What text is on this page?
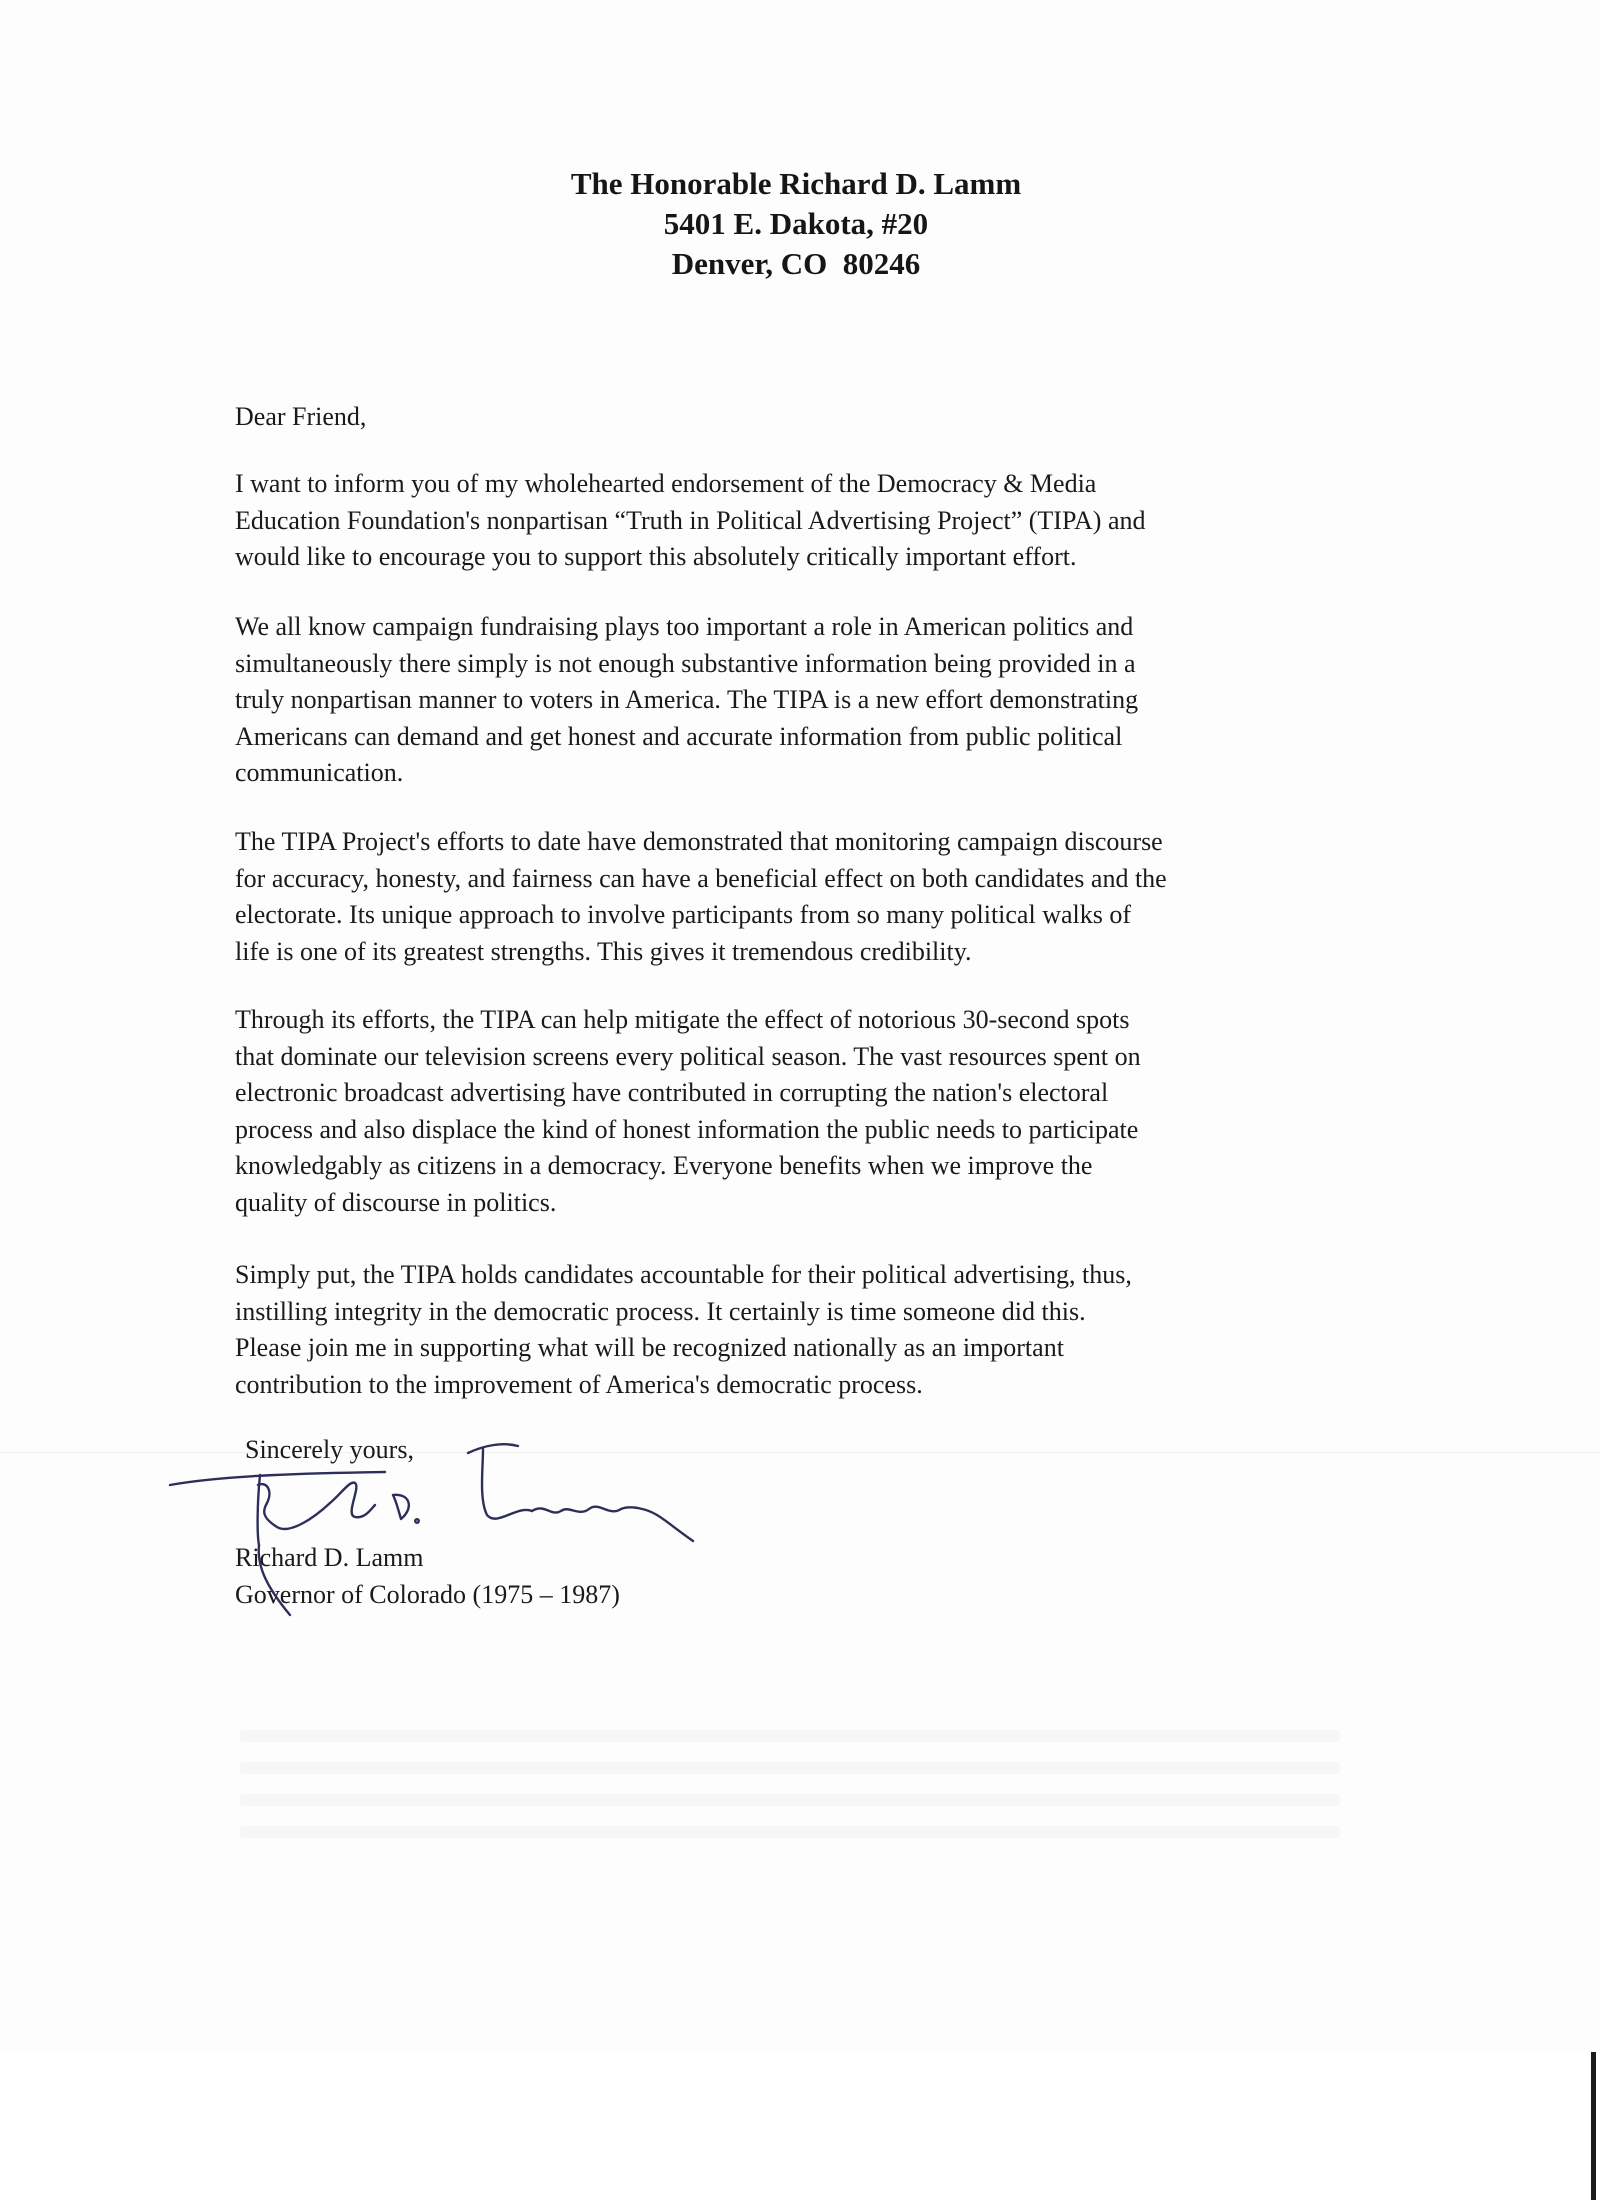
The Honorable Richard D. Lamm
5401 E. Dakota, #20
Denver, CO  80246

Dear Friend,

I want to inform you of my wholehearted endorsement of the Democracy & Media
Education Foundation's nonpartisan “Truth in Political Advertising Project” (TIPA) and
would like to encourage you to support this absolutely critically important effort.

We all know campaign fundraising plays too important a role in American politics and
simultaneously there simply is not enough substantive information being provided in a
truly nonpartisan manner to voters in America. The TIPA is a new effort demonstrating
Americans can demand and get honest and accurate information from public political
communication.

The TIPA Project's efforts to date have demonstrated that monitoring campaign discourse
for accuracy, honesty, and fairness can have a beneficial effect on both candidates and the
electorate. Its unique approach to involve participants from so many political walks of
life is one of its greatest strengths. This gives it tremendous credibility.

Through its efforts, the TIPA can help mitigate the effect of notorious 30-second spots
that dominate our television screens every political season. The vast resources spent on
electronic broadcast advertising have contributed in corrupting the nation's electoral
process and also displace the kind of honest information the public needs to participate
knowledgably as citizens in a democracy. Everyone benefits when we improve the
quality of discourse in politics.

Simply put, the TIPA holds candidates accountable for their political advertising, thus,
instilling integrity in the democratic process. It certainly is time someone did this.
Please join me in supporting what will be recognized nationally as an important
contribution to the improvement of America's democratic process.

Sincerely yours,

Richard D. Lamm

Governor of Colorado (1975 – 1987)
